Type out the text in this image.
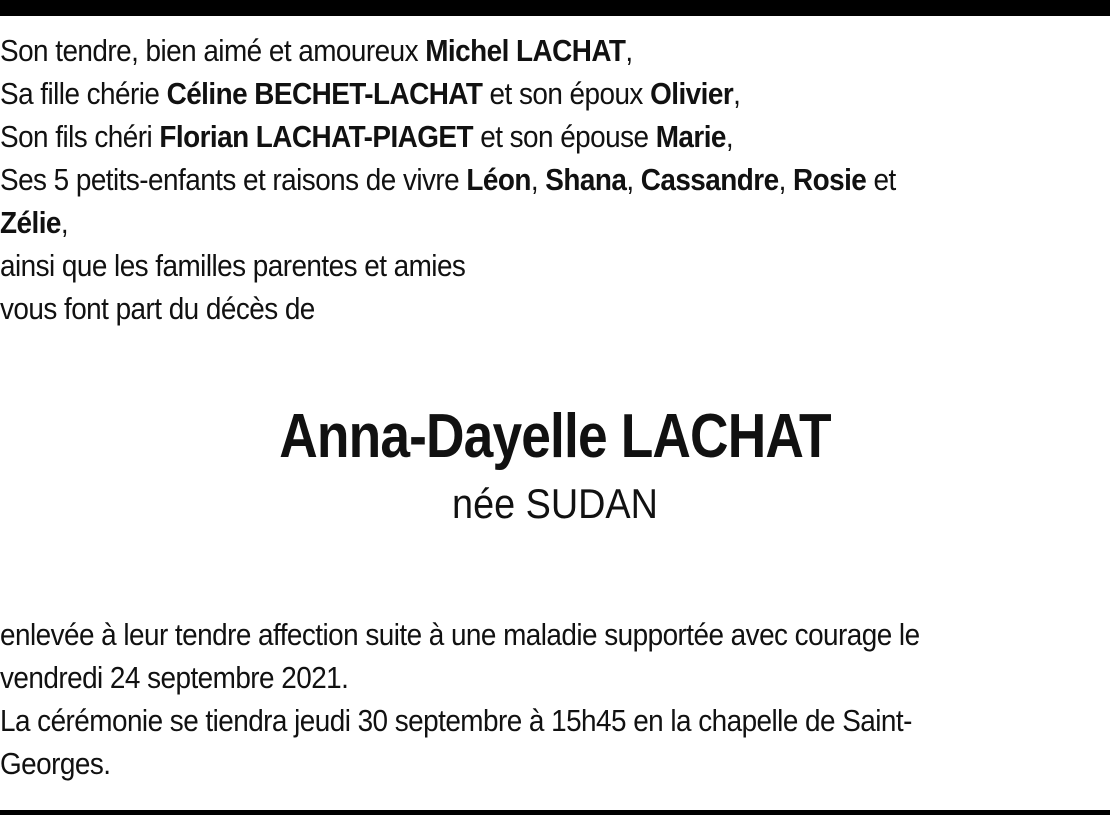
Son tendre, bien aimé et amoureux Michel LACHAT,
Sa fille chérie Céline BECHET-LACHAT et son époux Olivier,
Son fils chéri Florian LACHAT-PIAGET et son épouse Marie,
Ses 5 petits-enfants et raisons de vivre Léon, Shana, Cassandre, Rosie et
Zélie,
ainsi que les familles parentes et amies
vous font part du décès de
Anna-Dayelle LACHAT
née SUDAN
enlevée à leur tendre affection suite à une maladie supportée avec courage le
vendredi 24 septembre 2021.
La cérémonie se tiendra jeudi 30 septembre à 15h45 en la chapelle de Saint-
Georges.
